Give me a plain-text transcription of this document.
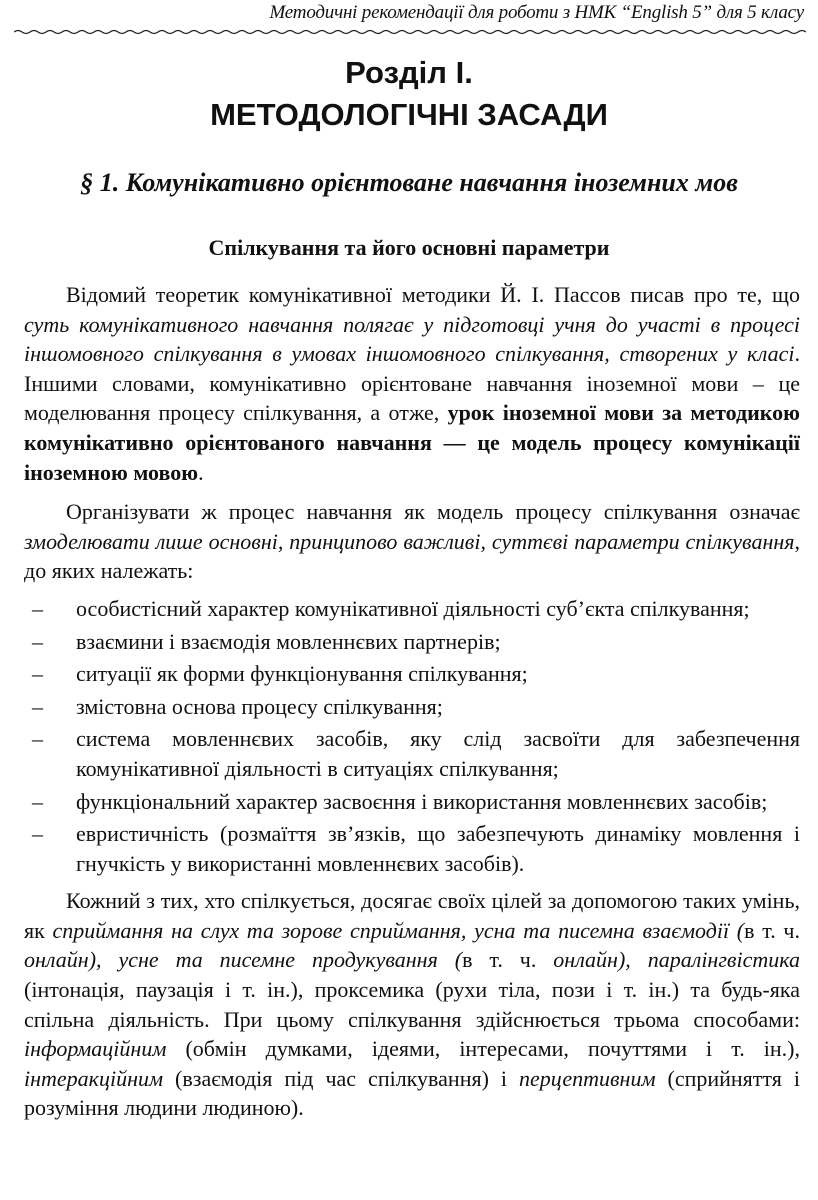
Методичні рекомендації для роботи з НМК “English 5” для 5 класу
Розділ І.
МЕТОДОЛОГІЧНІ ЗАСАДИ
§ 1. Комунікативно орієнтоване навчання іноземних мов
Спілкування та його основні параметри

Відомий теоретик комунікативної методики Й. І. Пассов писав про те, що суть комунікативного навчання полягає у підготовці учня до участі в процесі іншомовного спілкування в умовах іншомовного спілкування, створених у класі. Іншими словами, комунікативно орієнтоване навчання іноземної мови – це моделювання процесу спілкування, а отже, урок іноземної мови за методикою комунікативно орієнтованого навчання — це модель процесу комунікації іноземною мовою.

Організувати ж процес навчання як модель процесу спілкування означає змоделювати лише основні, принципово важливі, суттєві параметри спілкування, до яких належать:

– особистісний характер комунікативної діяльності суб’єкта спілкування;
– взаємини і взаємодія мовленнєвих партнерів;
– ситуації як форми функціонування спілкування;
– змістовна основа процесу спілкування;
– система мовленнєвих засобів, яку слід засвоїти для забезпечення комунікативної діяльності в ситуаціях спілкування;
– функціональний характер засвоєння і використання мовленнєвих засобів;
– евристичність (розмаїття зв’язків, що забезпечують динаміку мовлення і гнучкість у використанні мовленнєвих засобів).

Кожний з тих, хто спілкується, досягає своїх цілей за допомогою таких умінь, як сприймання на слух та зорове сприймання, усна та писемна взаємодії (в т. ч. онлайн), усне та писемне продукування (в т. ч. онлайн), паралінгвістика (інтонація, паузація і т. ін.), проксемика (рухи тіла, пози і т. ін.) та будь-яка спільна діяльність. При цьому спілкування здійснюється трьома способами: інформаційним (обмін думками, ідеями, інтересами, почуттями і т. ін.), інтеракційним (взаємодія під час спілкування) і перцептивним (сприйняття і розуміння людини людиною).
